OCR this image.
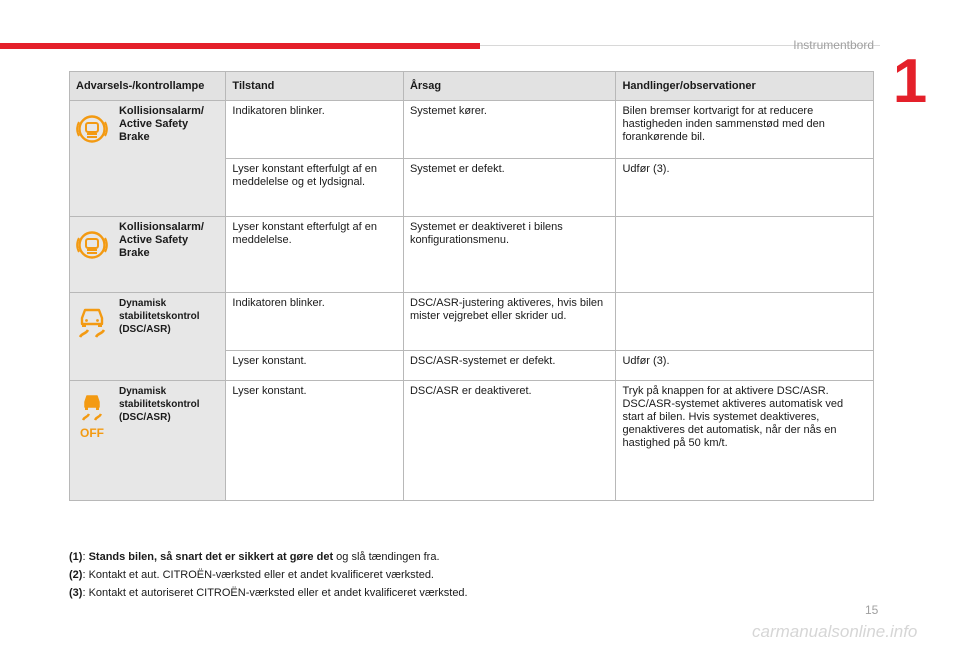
Instrumentbord
1
Advarsels-/kontrollampe		Tilstand	Årsag	Handlinger/observationer

	Kollisionsalarm/ Active Safety Brake	Indikatoren blinker.	Systemet kører.	Bilen bremser kortvarigt for at reducere hastigheden inden sammenstød med den forankørende bil.
		Lyser konstant efterfulgt af en meddelelse og et lydsignal.	Systemet er defekt.	Udfør (3).

	Kollisionsalarm/ Active Safety Brake	Lyser konstant efterfulgt af en meddelelse.	Systemet er deaktiveret i bilens konfigurationsmenu.	

	Dynamisk stabilitetskontrol (DSC/ASR)	Indikatoren blinker.	DSC/ASR-justering aktiveres, hvis bilen mister vejgrebet eller skrider ud.	
		Lyser konstant.	DSC/ASR-systemet er defekt.	Udfør (3).

OFF	Dynamisk stabilitetskontrol (DSC/ASR)	Lyser konstant.	DSC/ASR er deaktiveret.	Tryk på knappen for at aktivere DSC/ASR. DSC/ASR-systemet aktiveres automatisk ved start af bilen. Hvis systemet deaktiveres, genaktiveres det automatisk, når der nås en hastighed på 50 km/t.
(1): Stands bilen, så snart det er sikkert at gøre det og slå tændingen fra.
(2): Kontakt et aut. CITROËN-værksted eller et andet kvalificeret værksted.
(3): Kontakt et autoriseret CITROËN-værksted eller et andet kvalificeret værksted.
15
carmanualsonline.info
